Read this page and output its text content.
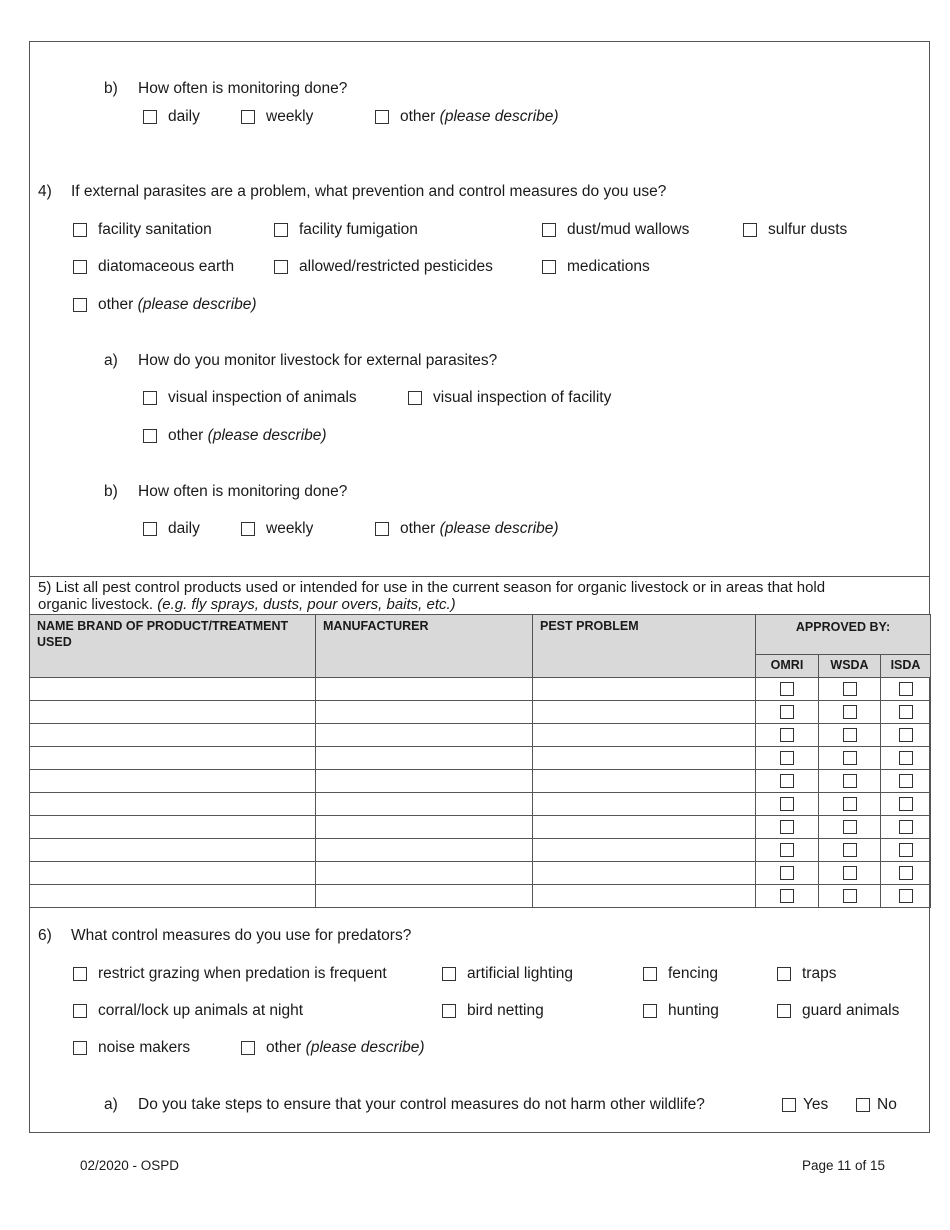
b) How often is monitoring done?
daily	weekly	other (please describe)
4) If external parasites are a problem, what prevention and control measures do you use?
facility sanitation	facility fumigation	dust/mud wallows	sulfur dusts
diatomaceous earth	allowed/restricted pesticides	medications
other (please describe)
a) How do you monitor livestock for external parasites?
visual inspection of animals	visual inspection of facility
other (please describe)
b) How often is monitoring done?
daily	weekly	other (please describe)
5) List all pest control products used or intended for use in the current season for organic livestock or in areas that hold
organic livestock. (e.g. fly sprays, dusts, pour overs, baits, etc.)
NAME BRAND OF PRODUCT/TREATMENT USED	MANUFACTURER	PEST PROBLEM	APPROVED BY:		
			OMRI	WSDA	ISDA

6) What control measures do you use for predators?
restrict grazing when predation is frequent	artificial lighting	fencing	traps
corral/lock up animals at night	bird netting	hunting	guard animals
noise makers	other (please describe)
a) Do you take steps to ensure that your control measures do not harm other wildlife?	Yes	No
02/2020 - OSPD	Page 11 of 15
